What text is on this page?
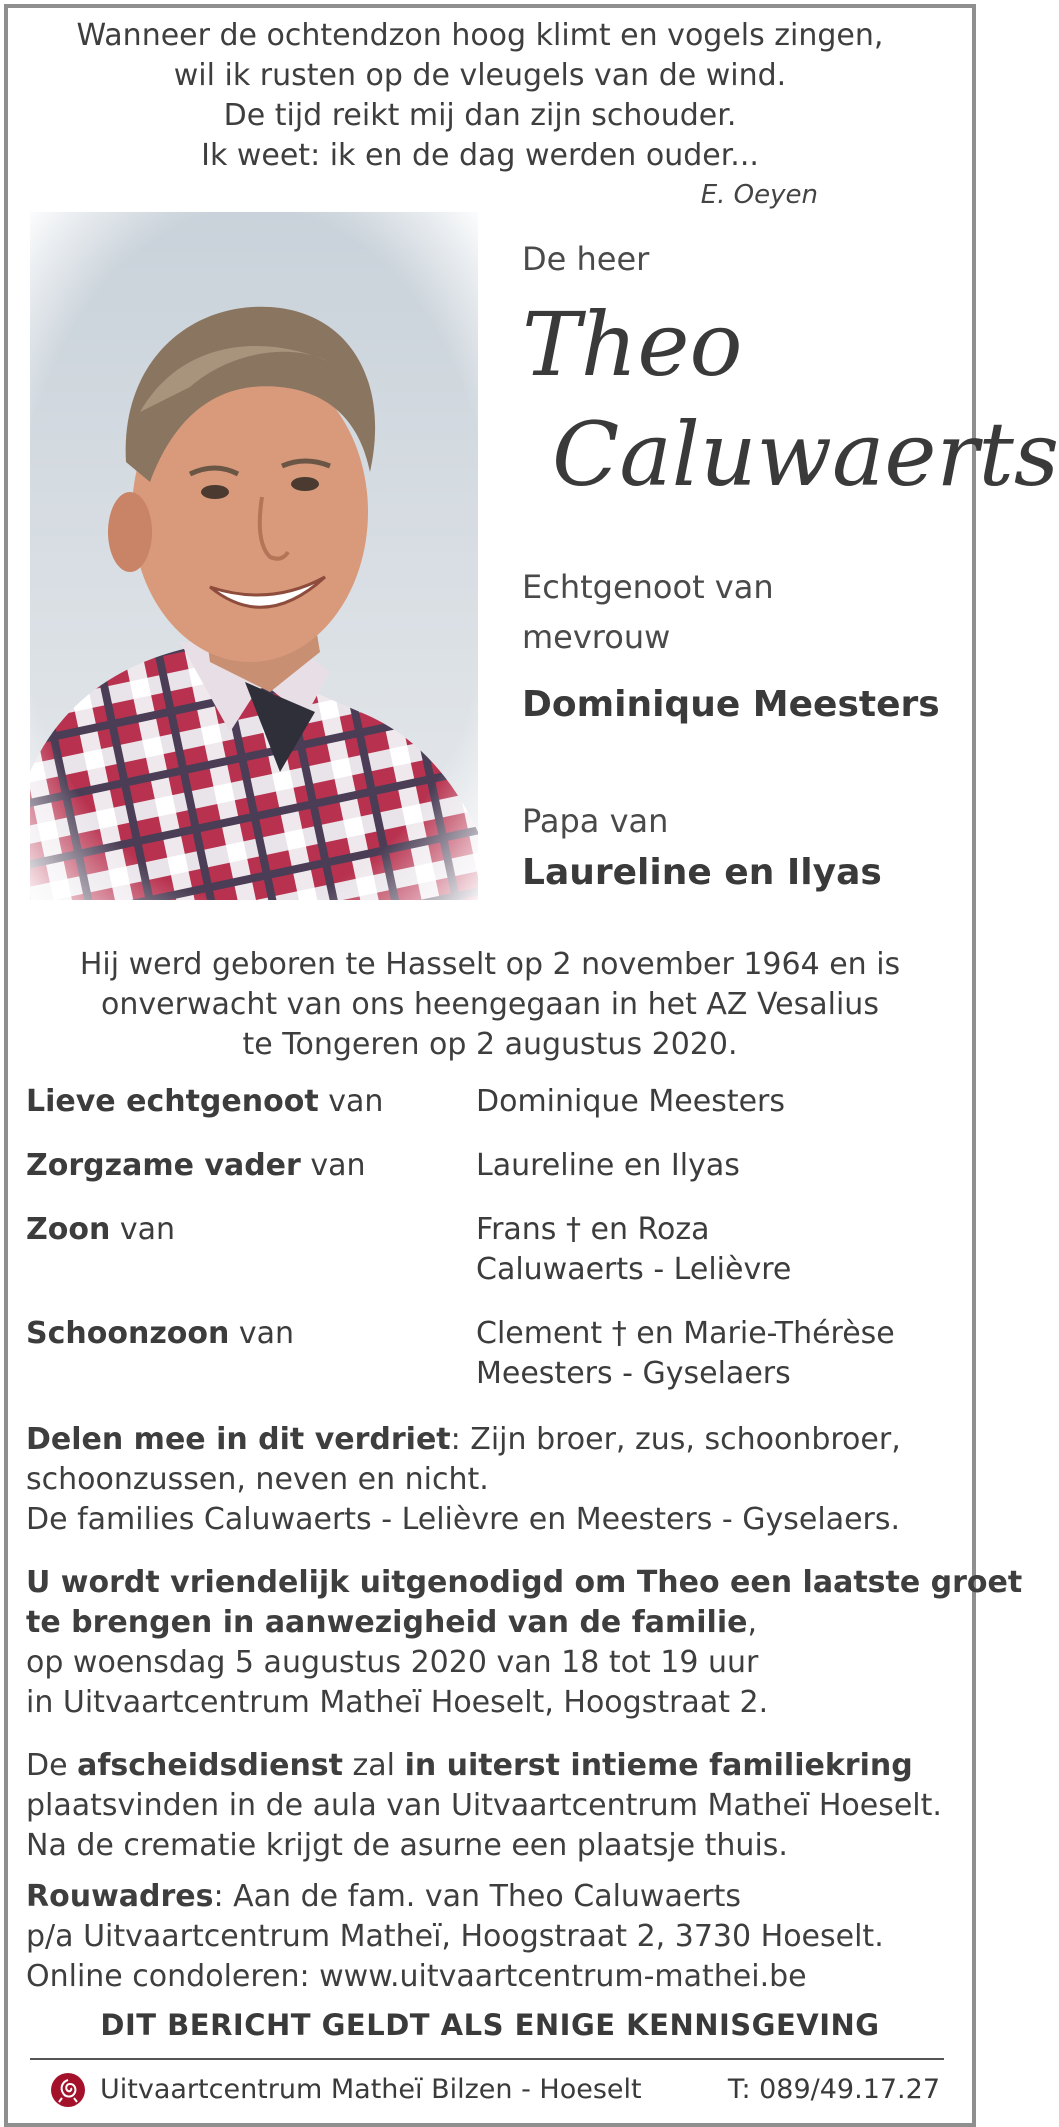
Wanneer de ochtendzon hoog klimt en vogels zingen,
wil ik rusten op de vleugels van de wind.
De tijd reikt mij dan zijn schouder.
Ik weet: ik en de dag werden ouder...
E. Oeyen
De heer
Theo
Caluwaerts
Echtgenoot van
mevrouw
Dominique Meesters
Papa van
Laureline en Ilyas
Hij werd geboren te Hasselt op 2 november 1964 en is
onverwacht van ons heengegaan in het AZ Vesalius
te Tongeren op 2 augustus 2020.
Lieve echtgenoot van	Dominique Meesters
Zorgzame vader van	Laureline en Ilyas
Zoon van	Frans † en Roza
Caluwaerts - Lelièvre
Schoonzoon van	Clement † en Marie-Thérèse
Meesters - Gyselaers
Delen mee in dit verdriet: Zijn broer, zus, schoonbroer,
schoonzussen, neven en nicht.
De families Caluwaerts - Lelièvre en Meesters - Gyselaers.
U wordt vriendelijk uitgenodigd om Theo een laatste groet
te brengen in aanwezigheid van de familie,
op woensdag 5 augustus 2020 van 18 tot 19 uur
in Uitvaartcentrum Matheï Hoeselt, Hoogstraat 2.
De afscheidsdienst zal in uiterst intieme familiekring
plaatsvinden in de aula van Uitvaartcentrum Matheï Hoeselt.
Na de crematie krijgt de asurne een plaatsje thuis.
Rouwadres: Aan de fam. van Theo Caluwaerts
p/a Uitvaartcentrum Matheï, Hoogstraat 2, 3730 Hoeselt.
Online condoleren: www.uitvaartcentrum-mathei.be
DIT BERICHT GELDT ALS ENIGE KENNISGEVING
Uitvaartcentrum Matheï Bilzen - Hoeselt	T: 089/49.17.27
